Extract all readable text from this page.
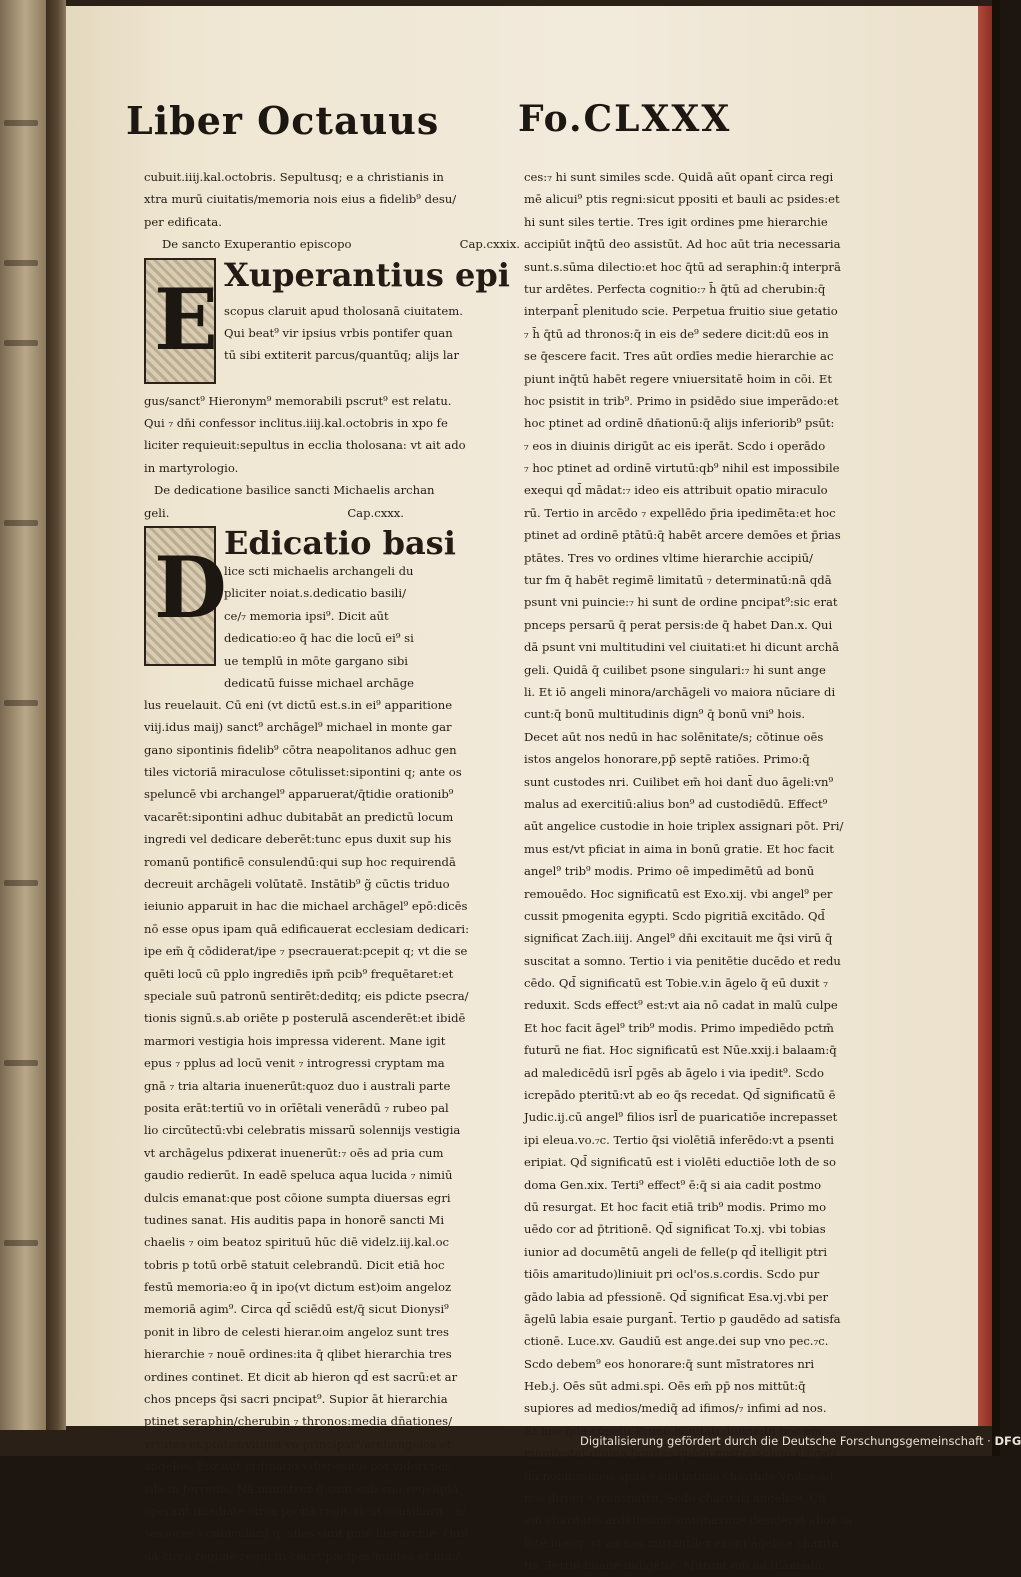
Liber Octauus Fo.CLXXX
cubuit.iiij.kal.octobris. Sepultusq; e a christianis in
xtra murū ciuitatis/memoria nois eius a fidelib⁹ desu/
per edificata.
De sancto Exuperantio episcopo	Cap.cxxix.
E Xuperantius epi
scopus claruit apud tholosanā ciuitatem.
Qui beat⁹ vir ipsius vrbis pontifer quan
tū sibi extiterit parcus/quantūq; alijs lar
gus/sanct⁹ Hieronym⁹ memorabili pscrut⁹ est relatu.
Qui ₇ dn̄i confessor inclitus.iiij.kal.octobris in xpo fe
liciter requieuit:sepultus in ecclia tholosana: vt ait ado
in martyrologio.
De dedicatione basilice sancti Michaelis archan
geli.	Cap.cxxx.
D
Edicatio basi
lice scti michaelis archangeli du
pliciter noiat.s.dedicatio basili/
ce/₇ memoria ipsi⁹. Dicit aūt
dedicatio:eo q̄ hac die locū ei⁹ si
ue templū in mōte gargano sibi
dedicatū fuisse michael archāge
lus reuelauit. Cū eni (vt dictū est.s.in ei⁹ apparitione
viij.idus maij) sanct⁹ archāgel⁹ michael in monte gar
gano sipontinis fidelib⁹ cōtra neapolitanos adhuc gen
tiles victoriā miraculose cōtulisset:sipontini q; ante os
speluncē vbi archangel⁹ apparuerat/q̄tidie orationib⁹
vacarēt:sipontini adhuc dubitabāt an predictū locum
ingredi vel dedicare deberēt:tunc epus duxit sup his
romanū pontificē consulendū:qui sup hoc requirendā
decreuit archāgeli volūtatē. Instātib⁹ g̃ cūctis triduo
ieiunio apparuit in hac die michael archāgel⁹ epō:dicēs
nō esse opus ipam quā edificauerat ecclesiam dedicari:
ipe em̄ q̄ cōdiderat/ipe ₇ psecrauerat:pcepit q; vt die se
quēti locū cū pplo ingrediēs ipm̄ pcib⁹ frequētaret:et
speciale suū patronū sentirēt:deditq; eis pdicte psecra/
tionis signū.s.ab oriēte p posterulā ascenderēt:et ibidē
marmori vestigia hois impressa viderent. Mane igit
epus ₇ pplus ad locū venit ₇ introgressi cryptam ma
gnā ₇ tria altaria inuenerūt:quoz duo i australi parte
posita erāt:tertiū vo in orīētali venerādū ₇ rubeo pal
lio circūtectū:vbi celebratis missarū solennijs vestigia
vt archāgelus pdixerat inuenerūt:₇ oēs ad pria cum
gaudio redierūt. In eadē speluca aqua lucida ₇ nimiū
dulcis emanat:que post cōione sumpta diuersas egri
tudines sanat. His auditis papa in honorē sancti Mi
chaelis ₇ oim beatoz spirituū hūc diē videlz.iij.kal.oc
tobris p totū orbē statuit celebrandū. Dicit etiā hoc
festū memoria:eo q̄ in ipo(vt dictum est)oim angeloz
memoriā agim⁹. Circa qd̄ sciēdū est/q̄ sicut Dionysi⁹
ponit in libro de celesti hierar.oim angeloz sunt tres
hierarchie ₇ nouē ordines:ita q̄ qlibet hierarchia tres
ordines continet. Et dicit ab hieron qd̄ est sacrū:et ar
chos pnceps q̄si sacri pncipat⁹. Supior āt hierarchia
ptinet seraphin/cherubin ₇ thronos:media dn̄ationes/
vrtutes et ptātes:vltima vo principat⁹/archangelos et
angelos. Eoz aūt ordinatio ₇ dispositio pōt videri per
sile in terrenis. Nā ministroz q̄ sunt sub vno rege/qdā
operant̄ imediate circa psonā regis:sicut consiliarij ₇ a/
sessores ₇ cubicularij:q; siles sunt pme hierarchie. Qui/
dā circa regimē regni in cōi:vt pncipes/milites et iudi/
ces:₇ hi sunt similes scde. Quidā aūt opant̄ circa regi
mē alicui⁹ ptis regni:sicut ppositi et bauli ac psides:et
hi sunt siles tertie. Tres igit ordines pme hierarchie
accipiūt inq̄tū deo assistūt. Ad hoc aūt tria necessaria
sunt.s.sūma dilectio:et hoc q̄tū ad seraphin:q̄ interprā
tur ardētes. Perfecta cognitio:₇ h̄ q̄tū ad cherubin:q̄
interpant̄ plenitudo scie. Perpetua fruitio siue getatio
₇ h̄ q̄tū ad thronos:q̄ in eis de⁹ sedere dicit:dū eos in
se q̄escere facit. Tres aūt ordīes medie hierarchie ac
piunt inq̄tū habēt regere vniuersitatē hoim in cōi. Et
hoc psistit in trib⁹. Primo in psidēdo siue imperādo:et
hoc ptinet ad ordinē dn̄ationū:q̄ alijs inferiorib⁹ psūt:
₇ eos in diuinis dirigūt ac eis iperāt. Scdo i operādo
₇ hoc ptinet ad ordinē virtutū:qb⁹ nihil est impossibile
exequi qd̄ mādat:₇ ideo eis attribuit opatio miraculo
rū. Tertio in arcēdo ₇ expellēdo p̄ria ipedimēta:et hoc
ptinet ad ordinē ptātū:q̄ habēt arcere demōes et p̄rias
ptātes. Tres vo ordines vltime hierarchie accipiū/
tur fm q̄ habēt regimē limitatū ₇ determinatū:nā qdā
psunt vni puincie:₇ hi sunt de ordine pncipat⁹:sic erat
pnceps persarū q̄ perat persis:de q̄ habet Dan.x. Qui
dā psunt vni multitudini vel ciuitati:et hi dicunt archā
geli. Quidā q̄ cuilibet psone singulari:₇ hi sunt ange
li. Et iō angeli minora/archāgeli vo maiora nūciare di
cunt:q̄ bonū multitudinis dign⁹ q̄ bonū vni⁹ hois.
Decet aūt nos nedū in hac solēnitate/s; cōtinue oēs
istos angelos honorare,pp̄ septē ratiōes. Primo:q̄
sunt custodes nri. Cuilibet em̄ hoi dant̄ duo āgeli:vn⁹
malus ad exercitiū:alius bon⁹ ad custodiēdū. Effect⁹
aūt angelice custodie in hoie triplex assignari pōt. Pri/
mus est/vt pficiat in aima in bonū gratie. Et hoc facit
angel⁹ trib⁹ modis. Primo oē impedimētū ad bonū
remouēdo. Hoc significatū est Exo.xij. vbi angel⁹ per
cussit pmogenita egypti. Scdo pigritiā excitādo. Qd̄
significat Zach.iiij. Angel⁹ dn̄i excitauit me q̄si virū q̄
suscitat a somno. Tertio i via penitētie ducēdo et redu
cēdo. Qd̄ significatū est Tobie.v.in āgelo q̄ eū duxit ₇
reduxit. Scds effect⁹ est:vt aia nō cadat in malū culpe
Et hoc facit āgel⁹ trib⁹ modis. Primo impediēdo pctm̄
futurū ne fiat. Hoc significatū est Nūe.xxij.i balaam:q̄
ad maledicēdū isrl̄ pgēs ab āgelo i via ipedit⁹. Scdo
icrepādo pteritū:vt ab eo q̄s recedat. Qd̄ significatū ē
Judic.ij.cū angel⁹ filios isrl̄ de puaricatiōe increpasset
ipi eleua.vo.₇c. Tertio q̄si violētiā inferēdo:vt a psenti
eripiat. Qd̄ significatū est i violēti eductiōe loth de so
doma Gen.xix. Terti⁹ effect⁹ ē:q̄ si aia cadit postmo
dū resurgat. Et hoc facit etiā trib⁹ modis. Primo mo
uēdo cor ad p̄tritionē. Qd̄ significat To.xj. vbi tobias
iunior ad documētū angeli de felle(p qd̄ itelligit ptri
tiōis amaritudo)liniuit pri ocl'os.s.cordis. Scdo pur
gādo labia ad pfessionē. Qd̄ significat Esa.vj.vbi per
āgelū labia esaie purgant̄. Tertio p gaudēdo ad satisfa
ctionē. Luce.xv. Gaudiū est ange.dei sup vno pec.₇c.
Scdo debem⁹ eos honorare:q̄ sunt mīstratores nri
Heb.j. Oēs sūt admi.spi. Oēs em̄ pp̄ nos mittūt:q̄
supiores ad medios/mediq̄ ad ifimos/₇ infimi ad nos.
Et hoc q̄dē cōpetit Primo bonitati diuine:In hoc em̄
manifestat diuina bonitas quātū nostrā salutē diligat/
dū nobilissimos spūs ₇ sibi intima charitate vnitos ad
nos dirigit ₇ transmittit. Scdo charitati angelice. Cū
em̄ charitatis ardētissimi sint/maxime desiderat alioz sa
lutē:ideoq; vt ad nos mittant̄/ler exigit āgelice charita
tis. Tertio huāne indigētie. Mittunt em̄ ad iflāmādū
Digitalisierung gefördert durch die Deutsche Forschungsgemeinschaft · DFG
